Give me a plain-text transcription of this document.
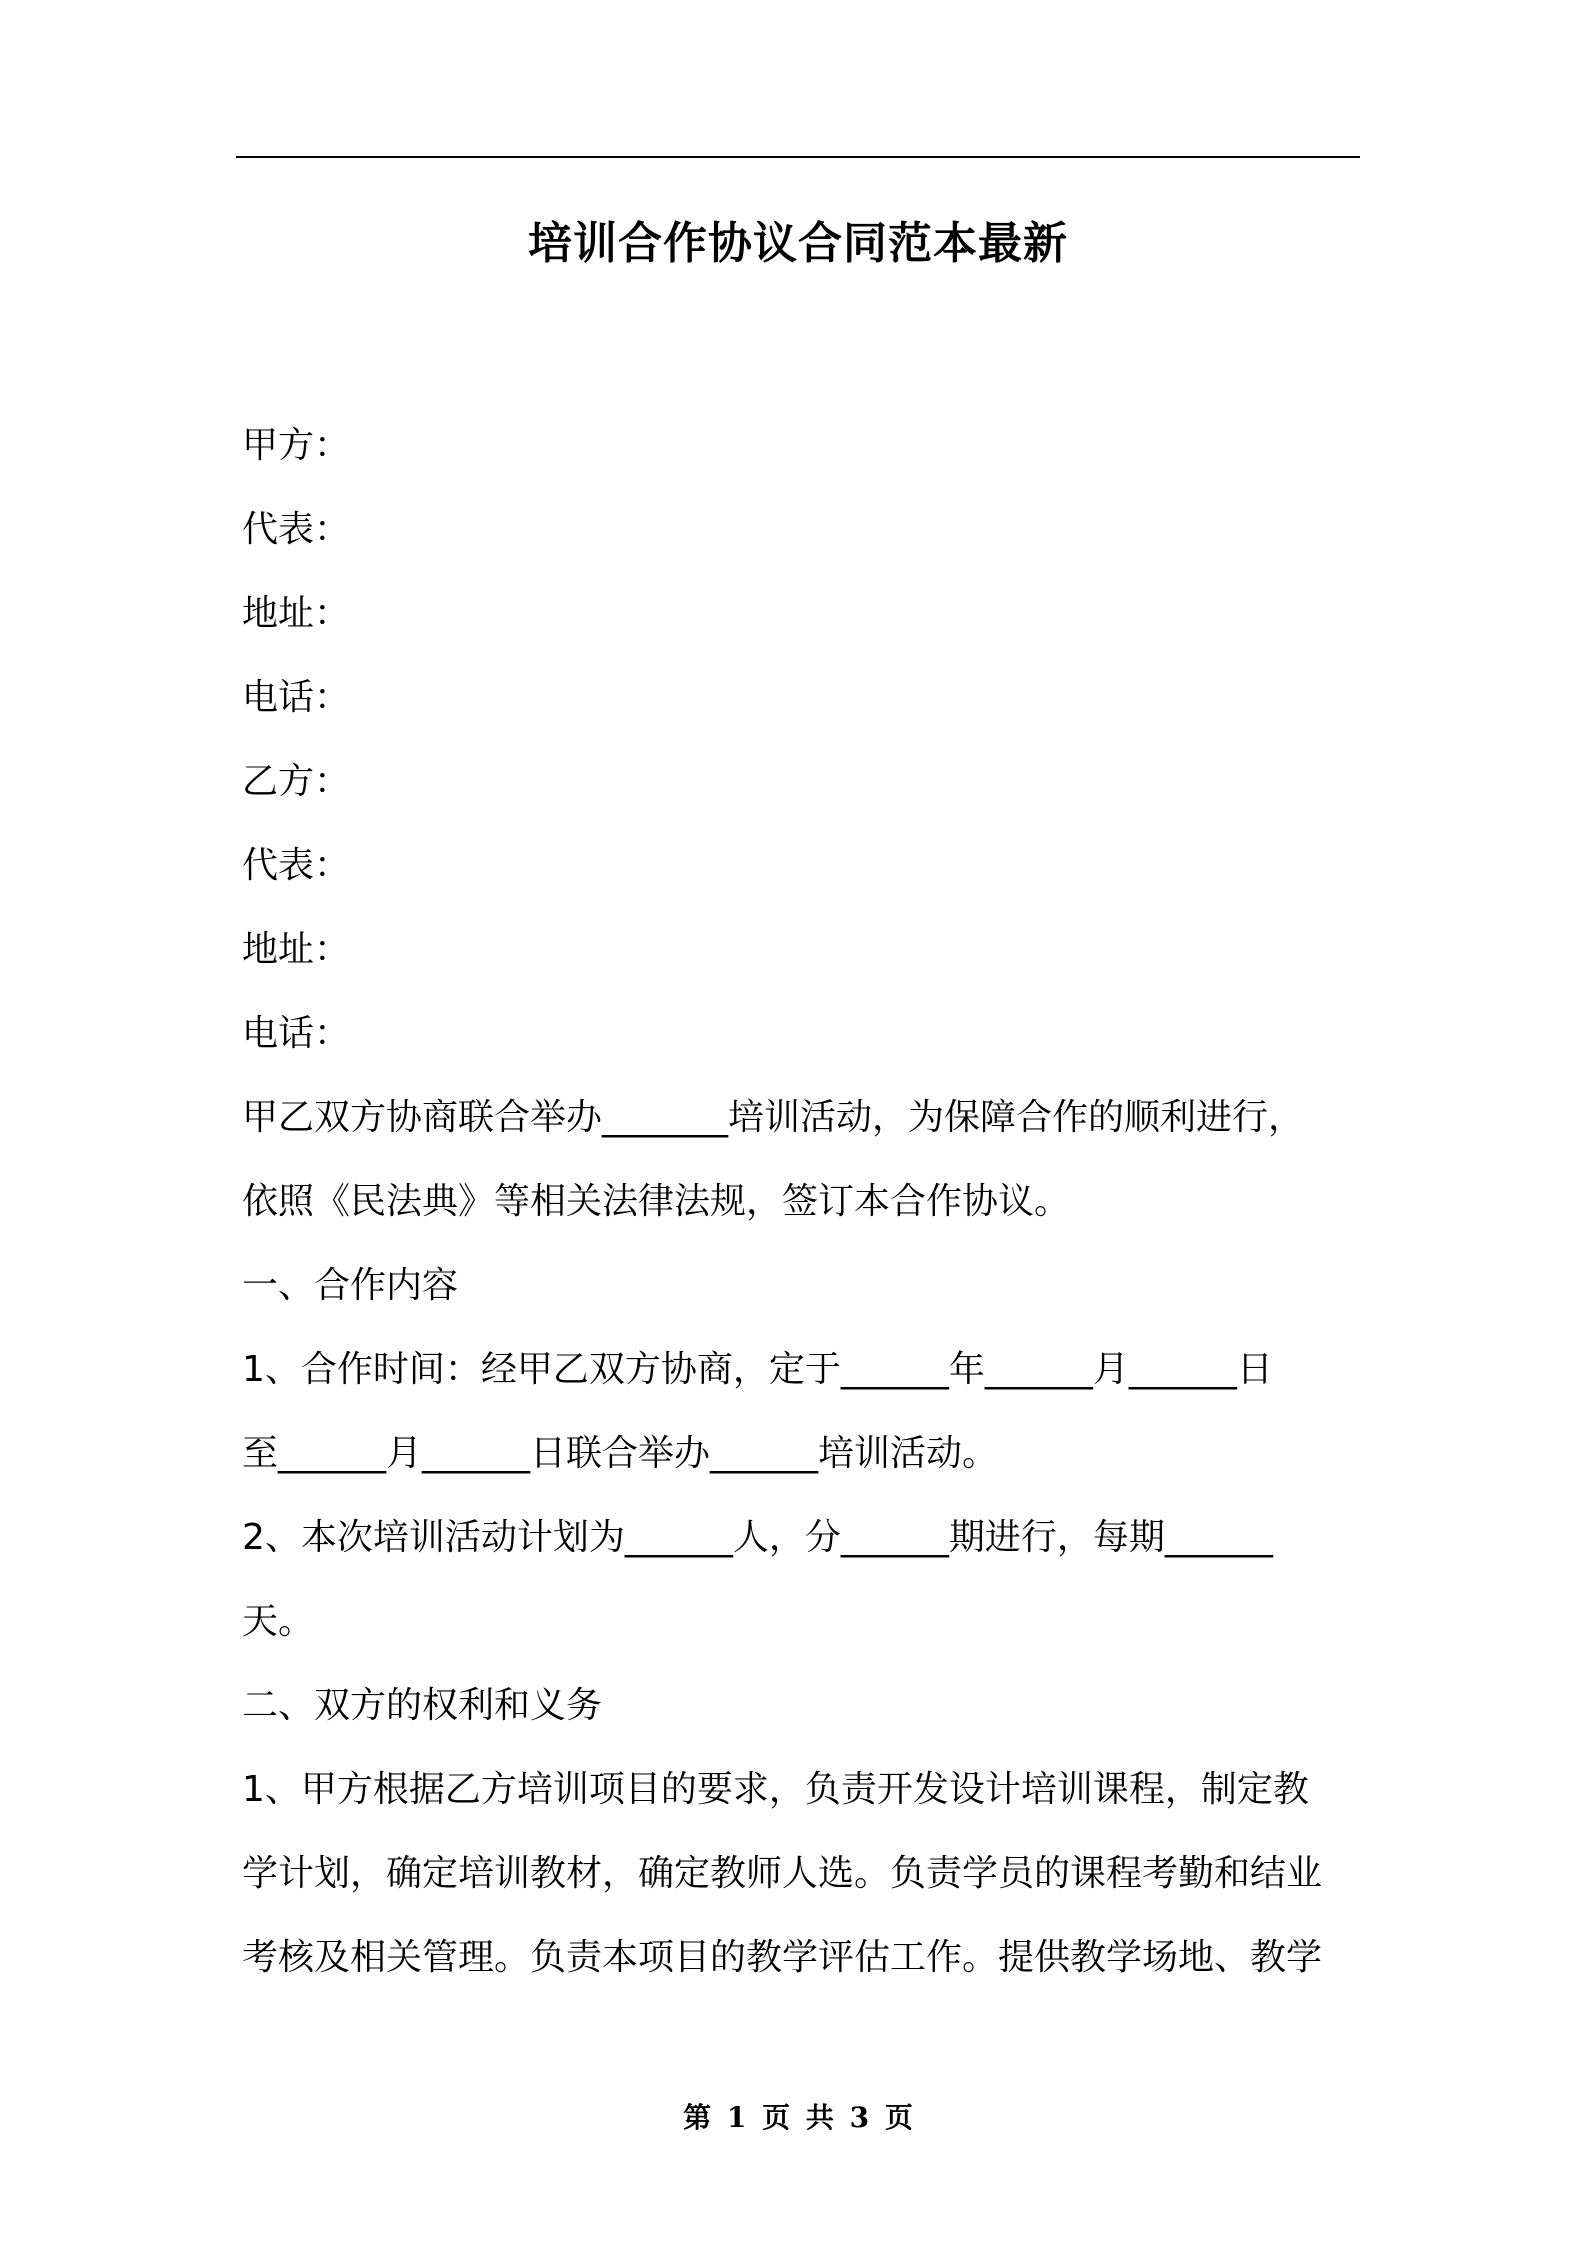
培训合作协议合同范本最新
甲方：
代表：
地址：
电话：
乙方：
代表：
地址：
电话：
甲乙双方协商联合举办_______培训活动，为保障合作的顺利进行，
依照《民法典》等相关法律法规，签订本合作协议。
一、合作内容
1、合作时间：经甲乙双方协商，定于______年______月______日
至______月______日联合举办______培训活动。
2、本次培训活动计划为______人，分______期进行，每期______
天。
二、双方的权利和义务
1、甲方根据乙方培训项目的要求，负责开发设计培训课程，制定教
学计划，确定培训教材，确定教师人选。负责学员的课程考勤和结业
考核及相关管理。负责本项目的教学评估工作。提供教学场地、教学
第 1 页 共 3 页
